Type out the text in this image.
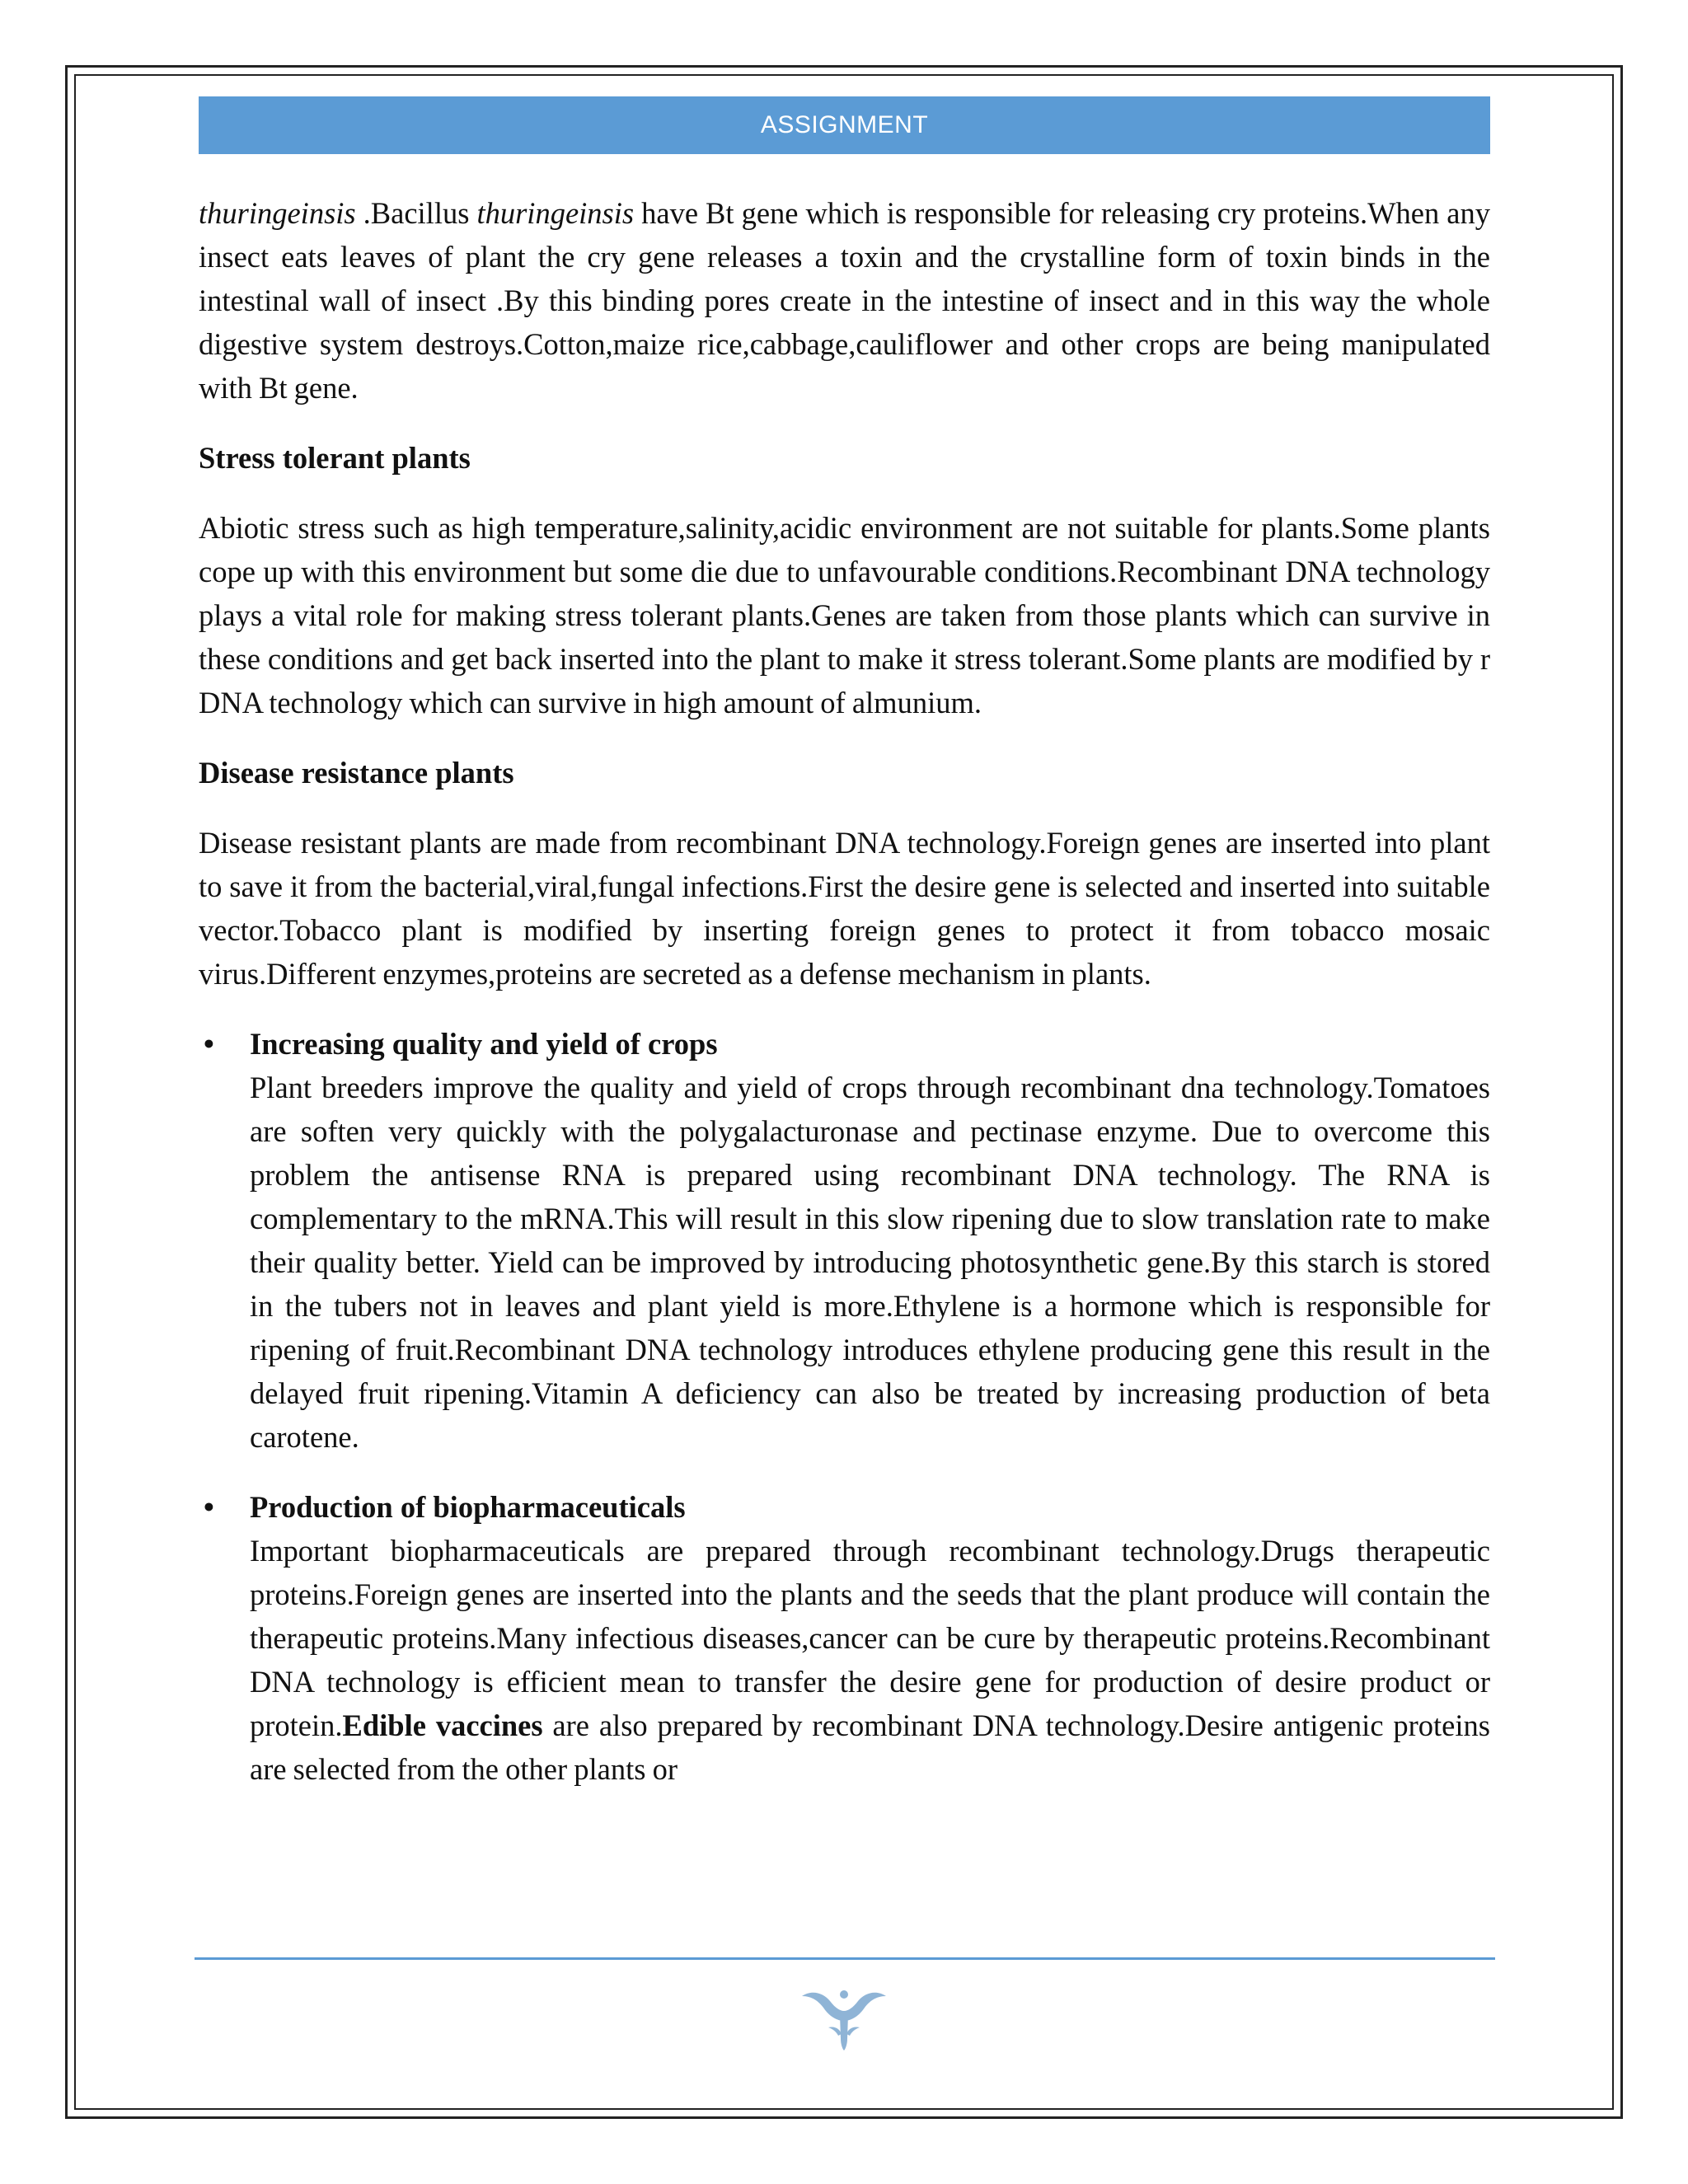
ASSIGNMENT

thuringeinsis .Bacillus thuringeinsis have Bt gene which is responsible for releasing cry proteins.When any insect eats leaves of plant the cry gene releases a toxin and the crystalline form of toxin binds in the intestinal wall of insect .By this binding pores create in the intestine of insect and in this way the whole digestive system destroys.Cotton,maize rice,cabbage,cauliflower and other crops are being manipulated with Bt gene.

Stress tolerant plants

Abiotic stress such as high temperature,salinity,acidic environment are not suitable for plants.Some plants cope up with this environment but some die due to unfavourable conditions.Recombinant DNA technology plays a vital role for making stress tolerant plants.Genes are taken from those plants which can survive in these conditions and get back inserted into the plant to make it stress tolerant.Some plants are modified by r DNA technology which can survive in high amount of almunium.

Disease resistance plants

Disease resistant plants are made from recombinant DNA technology.Foreign genes are inserted into plant to save it from the bacterial,viral,fungal infections.First the desire gene is selected and inserted into suitable vector.Tobacco plant is modified by inserting foreign genes to protect it from tobacco mosaic virus.Different enzymes,proteins are secreted as a defense mechanism in plants.

•	Increasing quality and yield of crops

Plant breeders improve the quality and yield of crops through recombinant dna technology.Tomatoes are soften very quickly with the polygalacturonase and pectinase enzyme. Due to overcome this problem the antisense RNA is prepared using recombinant DNA technology. The RNA is complementary to the mRNA.This will result in this slow ripening due to slow translation rate to make their quality better. Yield can be improved by introducing photosynthetic gene.By this starch is stored in the tubers not in leaves and plant yield is more.Ethylene is a hormone which is responsible for ripening of fruit.Recombinant DNA technology introduces ethylene producing gene this result in the delayed fruit ripening.Vitamin A deficiency can also be treated by increasing production of beta carotene.

•	Production of biopharmaceuticals

Important biopharmaceuticals are prepared through recombinant technology.Drugs therapeutic proteins.Foreign genes are inserted into the plants and the seeds that the plant produce will contain the therapeutic proteins.Many infectious diseases,cancer can be cure by therapeutic proteins.Recombinant DNA technology is efficient mean to transfer the desire gene for production of desire product or protein.Edible vaccines are also prepared by recombinant DNA technology.Desire antigenic proteins are selected from the other plants or
